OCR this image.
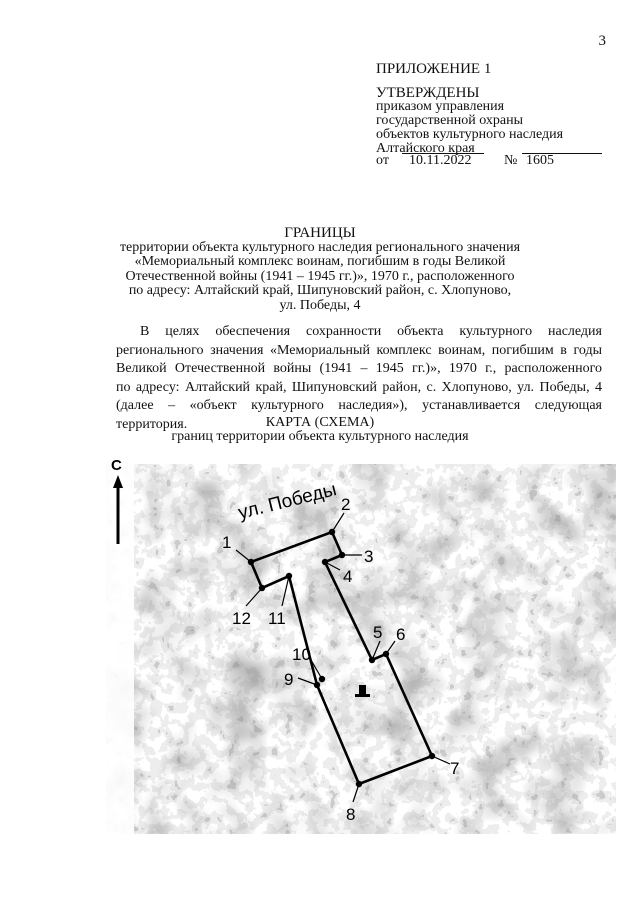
3
ПРИЛОЖЕНИЕ 1
УТВЕРЖДЕНЫ
приказом управления
государственной охраны
объектов культурного наследия
Алтайского края
от 10.11.2022 № 1605
ГРАНИЦЫ
территории объекта культурного наследия регионального значения
«Мемориальный комплекс воинам, погибшим в годы Великой
Отечественной войны (1941 – 1945 гг.)», 1970 г., расположенного
по адресу: Алтайский край, Шипуновский район, с. Хлопуново,
ул. Победы, 4
В целях обеспечения сохранности объекта культурного наследия
регионального значения «Мемориальный комплекс воинам, погибшим в годы
Великой Отечественной войны (1941 – 1945 гг.)», 1970 г., расположенного
по адресу: Алтайский край, Шипуновский район, с. Хлопуново, ул. Победы, 4
(далее – «объект культурного наследия»), устанавливается следующая территория.	КАРТА (СХЕМА)
границ территории объекта культурного наследия
С
ул. Победы
1
2
3
4
5 6
7
8
9
10
11
12
